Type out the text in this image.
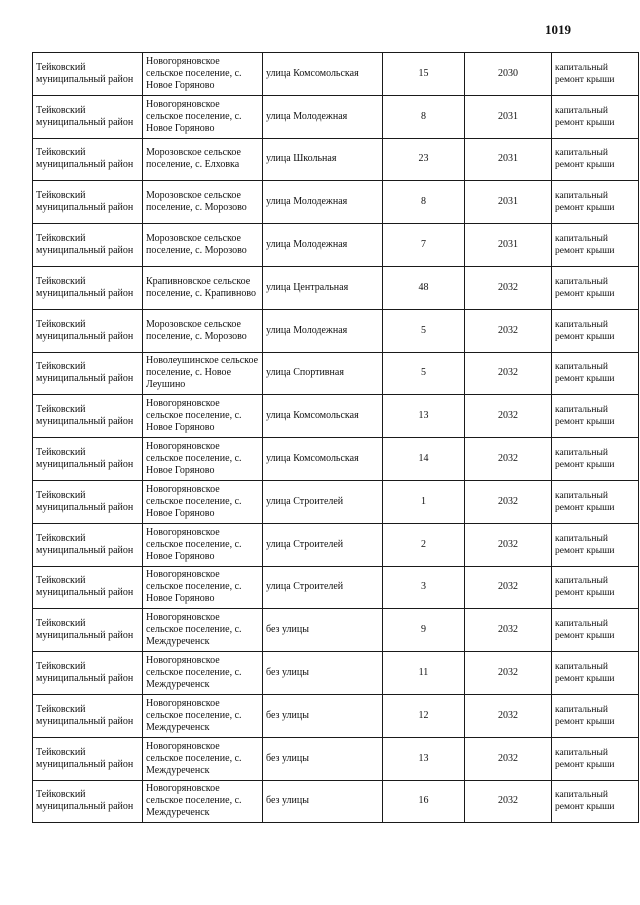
1019
Тейковский муниципальный район	Новогоряновское сельское поселение, с. Новое Горяново	улица Комсомольская	15	2030	капитальный ремонт крыши
Тейковский муниципальный район	Новогоряновское сельское поселение, с. Новое Горяново	улица Молодежная	8	2031	капитальный ремонт крыши
Тейковский муниципальный район	Морозовское сельское поселение, с. Елховка	улица Школьная	23	2031	капитальный ремонт крыши
Тейковский муниципальный район	Морозовское сельское поселение, с. Морозово	улица Молодежная	8	2031	капитальный ремонт крыши
Тейковский муниципальный район	Морозовское сельское поселение, с. Морозово	улица Молодежная	7	2031	капитальный ремонт крыши
Тейковский муниципальный район	Крапивновское сельское поселение, с. Крапивново	улица Центральная	48	2032	капитальный ремонт крыши
Тейковский муниципальный район	Морозовское сельское поселение, с. Морозово	улица Молодежная	5	2032	капитальный ремонт крыши
Тейковский муниципальный район	Новолеушинское сельское поселение, с. Новое Леушино	улица Спортивная	5	2032	капитальный ремонт крыши
Тейковский муниципальный район	Новогоряновское сельское поселение, с. Новое Горяново	улица Комсомольская	13	2032	капитальный ремонт крыши
Тейковский муниципальный район	Новогоряновское сельское поселение, с. Новое Горяново	улица Комсомольская	14	2032	капитальный ремонт крыши
Тейковский муниципальный район	Новогоряновское сельское поселение, с. Новое Горяново	улица Строителей	1	2032	капитальный ремонт крыши
Тейковский муниципальный район	Новогоряновское сельское поселение, с. Новое Горяново	улица Строителей	2	2032	капитальный ремонт крыши
Тейковский муниципальный район	Новогоряновское сельское поселение, с. Новое Горяново	улица Строителей	3	2032	капитальный ремонт крыши
Тейковский муниципальный район	Новогоряновское сельское поселение, с. Междуреченск	без улицы	9	2032	капитальный ремонт крыши
Тейковский муниципальный район	Новогоряновское сельское поселение, с. Междуреченск	без улицы	11	2032	капитальный ремонт крыши
Тейковский муниципальный район	Новогоряновское сельское поселение, с. Междуреченск	без улицы	12	2032	капитальный ремонт крыши
Тейковский муниципальный район	Новогоряновское сельское поселение, с. Междуреченск	без улицы	13	2032	капитальный ремонт крыши
Тейковский муниципальный район	Новогоряновское сельское поселение, с. Междуреченск	без улицы	16	2032	капитальный ремонт крыши
